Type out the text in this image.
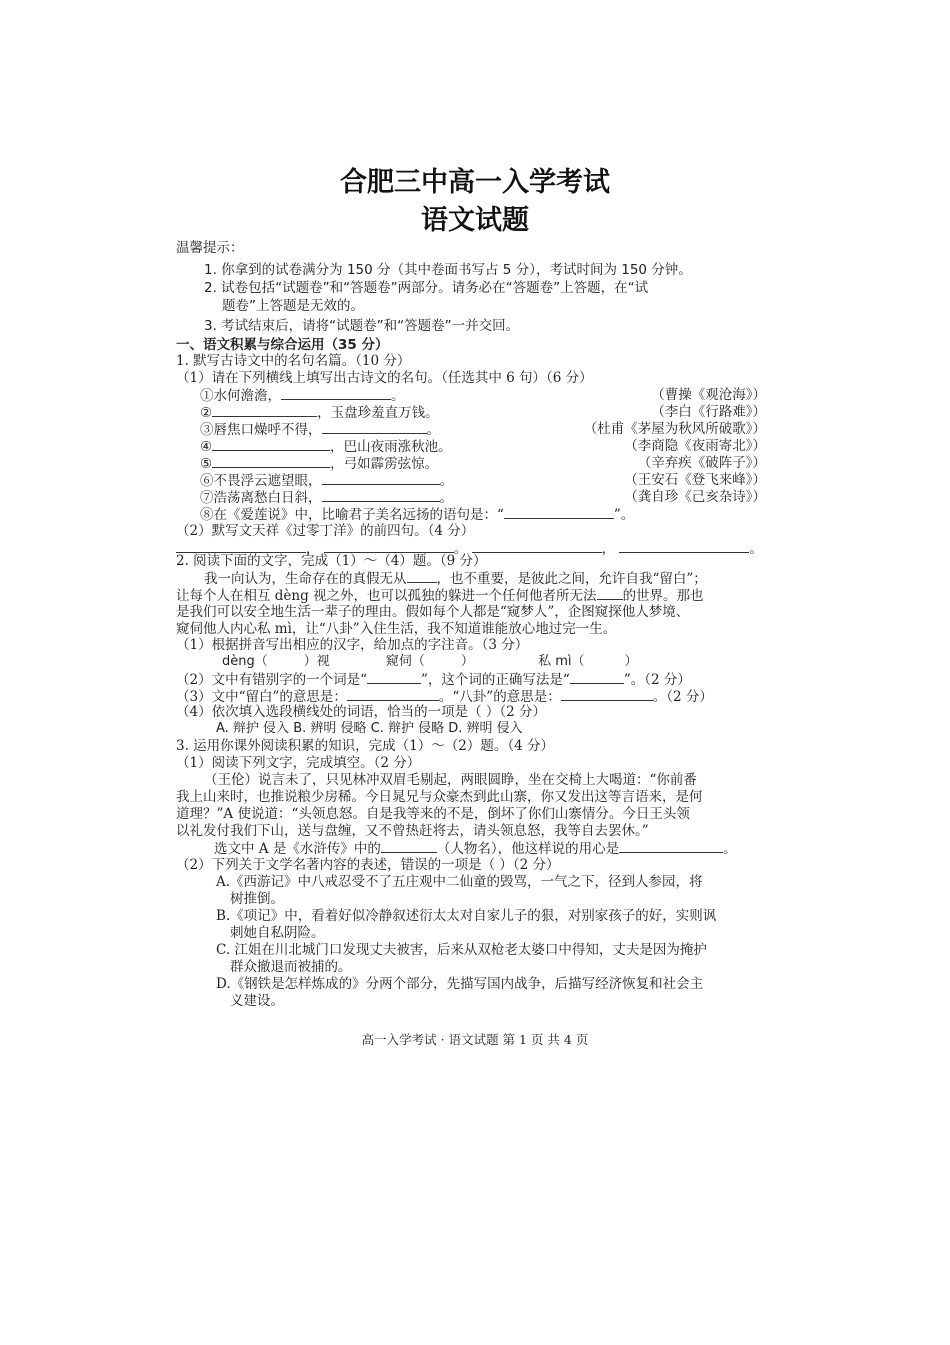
合肥三中高一入学考试
语文试题
温馨提示：
1. 你拿到的试卷满分为 150 分（其中卷面书写占 5 分），考试时间为 150 分钟。
2. 试卷包括“试题卷”和“答题卷”两部分。请务必在“答题卷”上答题，在“试
题卷”上答题是无效的。
3. 考试结束后，请将“试题卷”和“答题卷”一并交回。
一、语文积累与综合运用（35 分）
1. 默写古诗文中的名句名篇。（10 分）
（1）请在下列横线上填写出古诗文的名句。（任选其中 6 句）（6 分）
①水何澹澹，	。	（曹操《观沧海》）
②	，玉盘珍羞直万钱。	（李白《行路难》）
③唇焦口燥呼不得，	。	（杜甫《茅屋为秋风所破歌》）
④	，巴山夜雨涨秋池。	（李商隐《夜雨寄北》）
⑤	，弓如霹雳弦惊。	（辛弃疾《破阵子》）
⑥不畏浮云遮望眼，	。	（王安石《登飞来峰》）
⑦浩荡离愁白日斜，	。	（龚自珍《己亥杂诗》）
⑧在《爱莲说》中，比喻君子美名远扬的语句是：“	”。
（2）默写文天祥《过零丁洋》的前四句。（4 分）
，	。	，	。
2. 阅读下面的文字，完成（1）～（4）题。（9 分）
我一向认为，生命存在的真假无从 ，也不重要，是彼此之间，允许自我“留白”；
让每个人在相互 dèng 视之外，也可以孤独的躲进一个任何他者所无法 的世界。那也
是我们可以安全地生活一辈子的理由。假如每个人都是“窥梦人”，企图窥探他人梦境、
窥伺他人内心私 mì，让“八卦”入住生活，我不知道谁能放心地过完一生。
（1）根据拼音写出相应的汉字，给加点的字注音。（3 分）
dèng（	）视	窥伺（	）	私 mì（	）
（2）文中有错别字的一个词是“	”，这个词的正确写法是“	”。（2 分）
（3）文中“留白”的意思是：	。“八卦”的意思是：	。（2 分）
（4）依次填入选段横线处的词语，恰当的一项是（ ）（2 分）
A. 辩护 侵入 B. 辨明 侵略 C. 辩护 侵略 D. 辨明 侵入
3. 运用你课外阅读积累的知识，完成（1）～（2）题。（4 分）
（1）阅读下列文字，完成填空。（2 分）
（王伦）说言未了，只见林冲双眉毛剔起，两眼圆睁，坐在交椅上大喝道：“你前番
我上山来时，也推说粮少房稀。今日晁兄与众豪杰到此山寨，你又发出这等言语来，是何
道理？”A 使说道：“头领息怒。自是我等来的不是，倒坏了你们山寨情分。今日王头领
以礼发付我们下山，送与盘缠，又不曾热赶将去，请头领息怒，我等自去罢休。”
选文中 A 是《水浒传》中的	（人物名），他这样说的用心是	。
（2）下列关于文学名著内容的表述，错误的一项是（ ）（2 分）
A.《西游记》中八戒忍受不了五庄观中二仙童的毁骂，一气之下，径到人参园，将
树推倒。
B.《项记》中，看着好似冷静叙述衍太太对自家儿子的狠，对别家孩子的好，实则讽
刺她自私阴险。
C. 江姐在川北城门口发现丈夫被害，后来从双枪老太婆口中得知，丈夫是因为掩护
群众撤退而被捕的。
D.《钢铁是怎样炼成的》分两个部分，先描写国内战争，后描写经济恢复和社会主
义建设。
高一入学考试 · 语文试题 第 1 页 共 4 页
